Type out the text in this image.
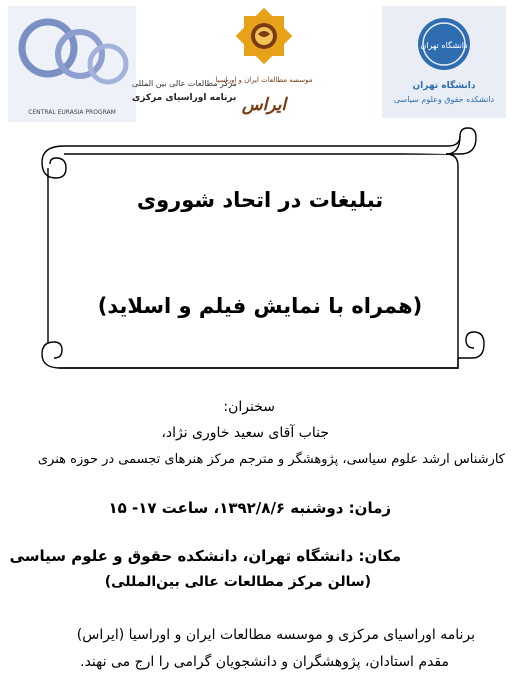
مرکز مطالعات عالی بین المللی
برنامه اوراسیای مرکزی
CENTRAL EURASIA PROGRAM
موسسه مطالعات ایران و اوراسیا
ایراس
دانشگاه تهران
دانشگاه تهران
دانشکده حقوق وعلوم سیاسی
تبلیغات در اتحاد شوروی
(همراه با نمایش فیلم و اسلاید)
سخنران:
جناب آقای سعید خاوری نژاد،
کارشناس ارشد علوم سیاسی، پژوهشگر و مترجم مرکز هنرهای تجسمی در حوزه هنری
زمان: دوشنبه ۱۳۹۲/۸/۶، ساعت ۱۷- ۱۵
مکان: دانشگاه تهران، دانشکده حقوق و علوم سیاسی
(سالن مرکز مطالعات عالی بین‌المللی)
برنامه اوراسیای مرکزی و موسسه مطالعات ایران و اوراسیا (ایراس)
مقدم استادان، پژوهشگران و دانشجویان گرامی را ارج می نهند.
